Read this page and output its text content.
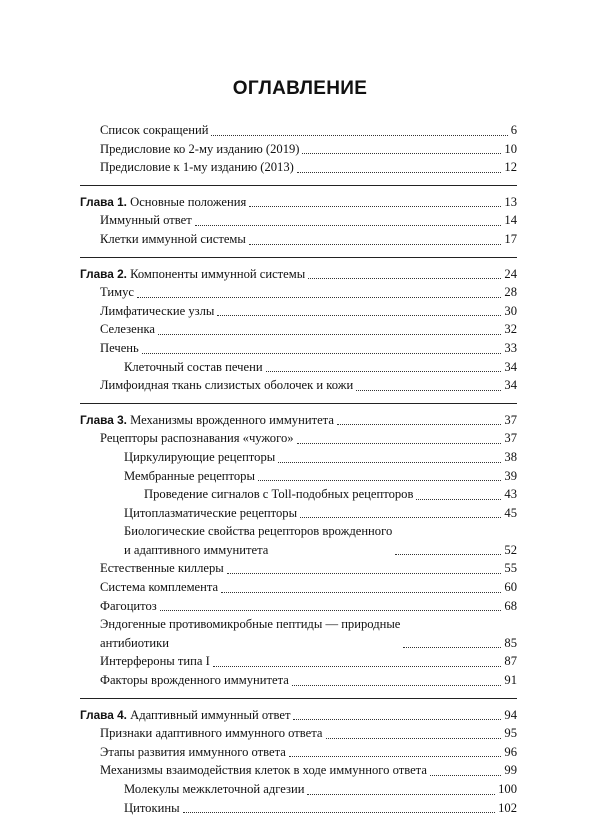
ОГЛАВЛЕНИЕ
Список сокращений	6
Предисловие ко 2-му изданию (2019)	10
Предисловие к 1-му изданию (2013)	12
Глава 1. Основные положения	13
Иммунный ответ	14
Клетки иммунной системы	17
Глава 2. Компоненты иммунной системы	24
Тимус	28
Лимфатические узлы	30
Селезенка	32
Печень	33
Клеточный состав печени	34
Лимфоидная ткань слизистых оболочек и кожи	34
Глава 3. Механизмы врожденного иммунитета	37
Рецепторы распознавания «чужого»	37
Циркулирующие рецепторы	38
Мембранные рецепторы	39
Проведение сигналов с Toll-подобных рецепторов	43
Цитоплазматические рецепторы	45
Биологические свойства рецепторов врожденного
и адаптивного иммунитета	52
Естественные киллеры	55
Система комплемента	60
Фагоцитоз	68
Эндогенные противомикробные пептиды — природные
антибиотики	85
Интерфероны типа I	87
Факторы врожденного иммунитета	91
Глава 4. Адаптивный иммунный ответ	94
Признаки адаптивного иммунного ответа	95
Этапы развития иммунного ответа	96
Механизмы взаимодействия клеток в ходе иммунного ответа	99
Молекулы межклеточной адгезии	100
Цитокины	102
